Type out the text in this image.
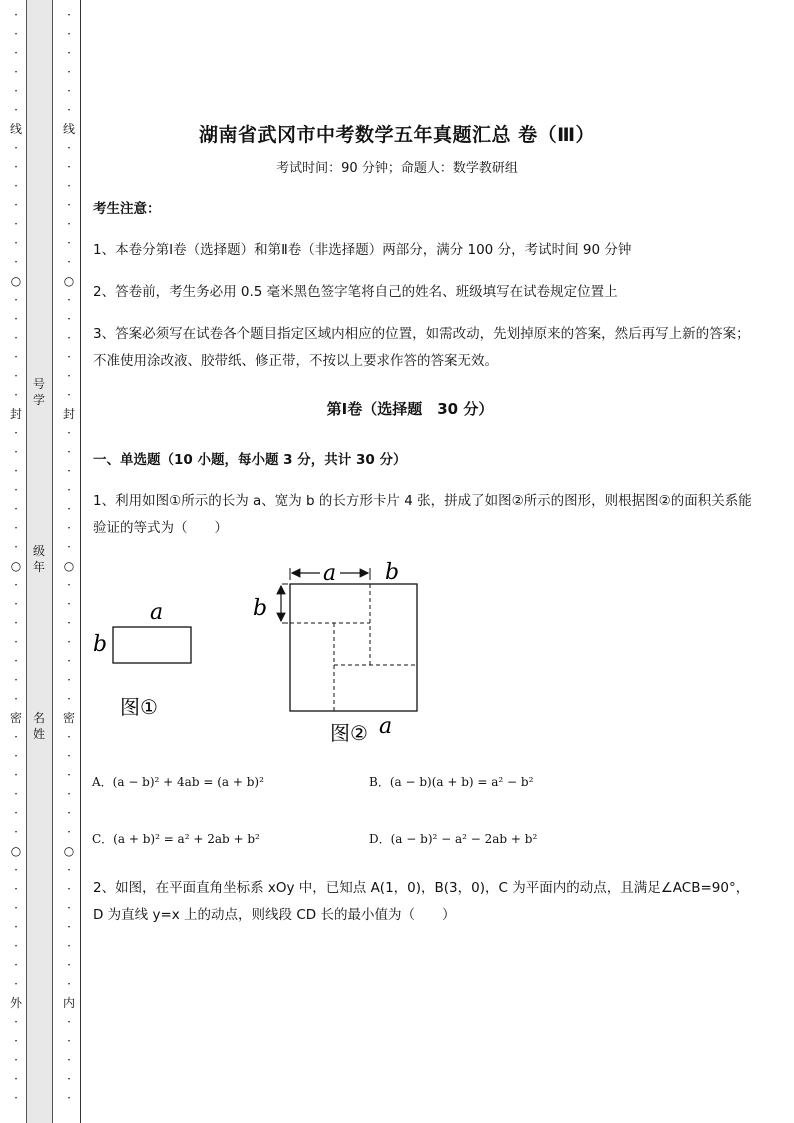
·
·
·
·
·
·
线
·
·
·
·
·
·
·
○
·
·
·
·
·
·
封
·
·
·
·
·
·
·
○
·
·
·
·
·
·
·
密
·
·
·
·
·
·
○
·
·
·
·
·
·
·
外
·
·
·
·
·
·
·
·
·
·
·
线
·
·
·
·
·
·
·
○
·
·
·
·
·
·
封
·
·
·
·
·
·
·
○
·
·
·
·
·
·
·
密
·
·
·
·
·
·
○
·
·
·
·
·
·
·
内
·
·
·
·
·
号学
级年
名姓
湖南省武冈市中考数学五年真题汇总 卷（Ⅲ）
考试时间：90 分钟；命题人：数学教研组
考生注意：
1、本卷分第Ⅰ卷（选择题）和第Ⅱ卷（非选择题）两部分，满分 100 分，考试时间 90 分钟
2、答卷前，考生务必用 0.5 毫米黑色签字笔将自己的姓名、班级填写在试卷规定位置上
3、答案必须写在试卷各个题目指定区域内相应的位置，如需改动，先划掉原来的答案，然后再写上新的答案；不准使用涂改液、胶带纸、修正带，不按以上要求作答的答案无效。
第Ⅰ卷（选择题　30 分）
一、单选题（10 小题，每小题 3 分，共计 30 分）
1、利用如图①所示的长为 a、宽为 b 的长方形卡片 4 张，拼成了如图②所示的图形，则根据图②的面积关系能验证的等式为（　　）
a
b
图①
a b
b
图② a
A．(a − b)² + 4ab = (a + b)²	B．(a − b)(a + b) = a² − b²
C．(a + b)² = a² + 2ab + b²	D．(a − b)² − a² − 2ab + b²
2、如图，在平面直角坐标系 xOy 中，已知点 A(1，0)，B(3，0)，C 为平面内的动点，且满足∠ACB=90°，D 为直线 y=x 上的动点，则线段 CD 长的最小值为（　　）
